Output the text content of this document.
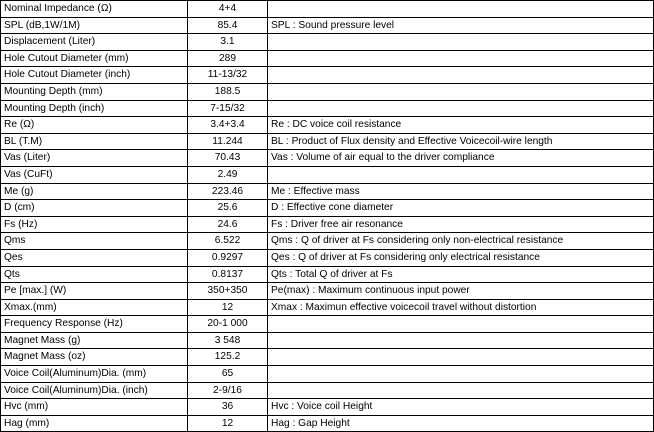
Nominal Impedance (Ω)	4+4	
SPL (dB,1W/1M)	85.4	SPL : Sound pressure level
Displacement (Liter)	3.1	
Hole Cutout Diameter (mm)	289	
Hole Cutout Diameter (inch)	11-13/32	
Mounting Depth (mm)	188.5	
Mounting Depth (inch)	7-15/32	
Re (Ω)	3.4+3.4	Re : DC voice coil resistance
BL (T.M)	11.244	BL : Product of Flux density and Effective Voicecoil-wire length
Vas (Liter)	70.43	Vas : Volume of air equal to the driver compliance
Vas (CuFt)	2.49	
Me (g)	223.46	Me : Effective mass
D (cm)	25.6	D : Effective cone diameter
Fs (Hz)	24.6	Fs : Driver free air resonance
Qms	6.522	Qms : Q of driver at Fs considering only non-electrical resistance
Qes	0.9297	Qes : Q of driver at Fs considering only electrical resistance
Qts	0.8137	Qts : Total Q of driver at Fs
Pe [max.] (W)	350+350	Pe(max) : Maximum continuous input power
Xmax.(mm)	12	Xmax : Maximun effective voicecoil travel without distortion
Frequency Response (Hz)	20-1 000	
Magnet Mass (g)	3 548	
Magnet Mass (oz)	125.2	
Voice Coil(Aluminum)Dia. (mm)	65	
Voice Coil(Aluminum)Dia. (inch)	2-9/16	
Hvc (mm)	36	Hvc : Voice coil Height
Hag (mm)	12	Hag : Gap Height
